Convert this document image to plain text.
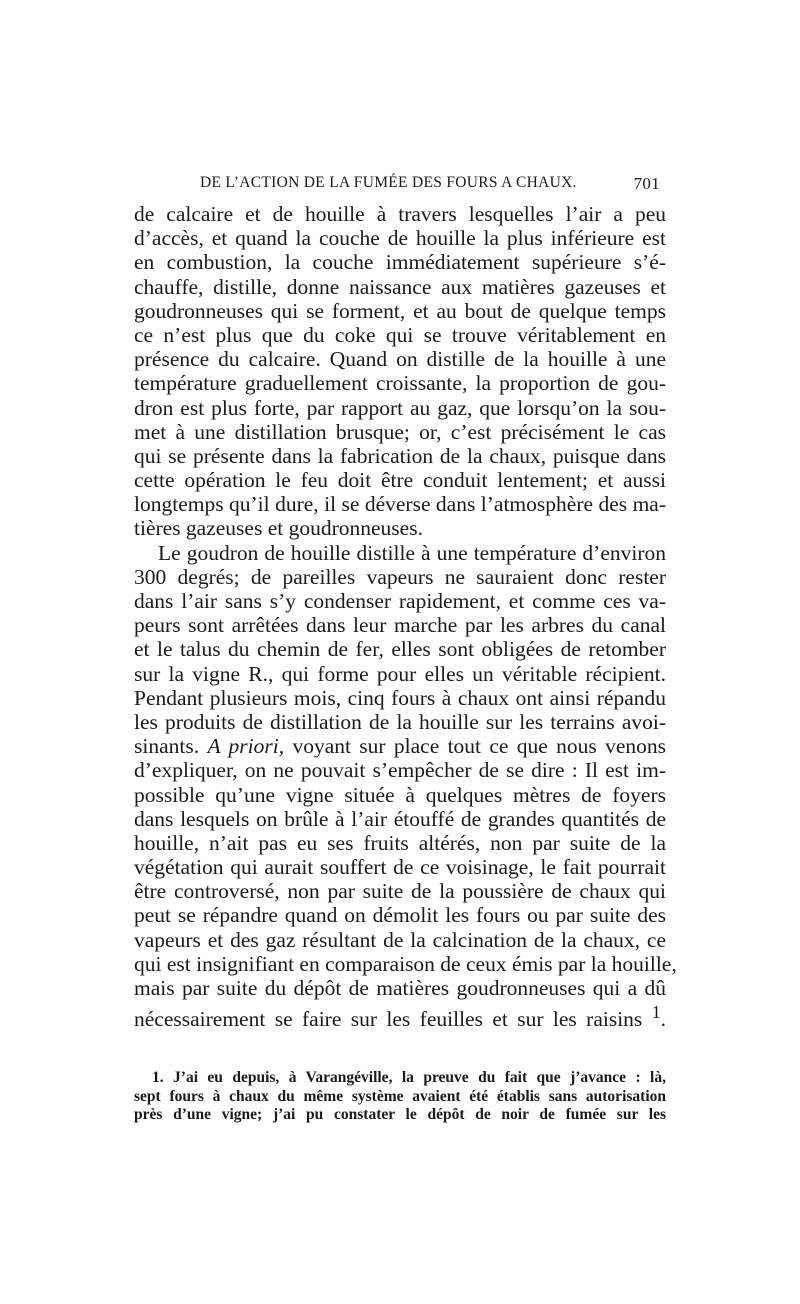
DE L’ACTION DE LA FUMÉE DES FOURS A CHAUX.	701
de calcaire et de houille à travers lesquelles l’air a peu
d’accès, et quand la couche de houille la plus inférieure est
en combustion, la couche immédiatement supérieure s’é-
chauffe, distille, donne naissance aux matières gazeuses et
goudronneuses qui se forment, et au bout de quelque temps
ce n’est plus que du coke qui se trouve véritablement en
présence du calcaire. Quand on distille de la houille à une
température graduellement croissante, la proportion de gou-
dron est plus forte, par rapport au gaz, que lorsqu’on la sou-
met à une distillation brusque; or, c’est précisément le cas
qui se présente dans la fabrication de la chaux, puisque dans
cette opération le feu doit être conduit lentement; et aussi
longtemps qu’il dure, il se déverse dans l’atmosphère des ma-
tières gazeuses et goudronneuses.
Le goudron de houille distille à une température d’environ
300 degrés; de pareilles vapeurs ne sauraient donc rester
dans l’air sans s’y condenser rapidement, et comme ces va-
peurs sont arrêtées dans leur marche par les arbres du canal
et le talus du chemin de fer, elles sont obligées de retomber
sur la vigne R., qui forme pour elles un véritable récipient.
Pendant plusieurs mois, cinq fours à chaux ont ainsi répandu
les produits de distillation de la houille sur les terrains avoi-
sinants. A priori, voyant sur place tout ce que nous venons
d’expliquer, on ne pouvait s’empêcher de se dire : Il est im-
possible qu’une vigne située à quelques mètres de foyers
dans lesquels on brûle à l’air étouffé de grandes quantités de
houille, n’ait pas eu ses fruits altérés, non par suite de la
végétation qui aurait souffert de ce voisinage, le fait pourrait
être controversé, non par suite de la poussière de chaux qui
peut se répandre quand on démolit les fours ou par suite des
vapeurs et des gaz résultant de la calcination de la chaux, ce
qui est insignifiant en comparaison de ceux émis par la houille,
mais par suite du dépôt de matières goudronneuses qui a dû
nécessairement se faire sur les feuilles et sur les raisins $^1$.
1. J’ai eu depuis, à Varangéville, la preuve du fait que j’avance : là,
sept fours à chaux du même système avaient été établis sans autorisation
près d’une vigne; j’ai pu constater le dépôt de noir de fumée sur les
